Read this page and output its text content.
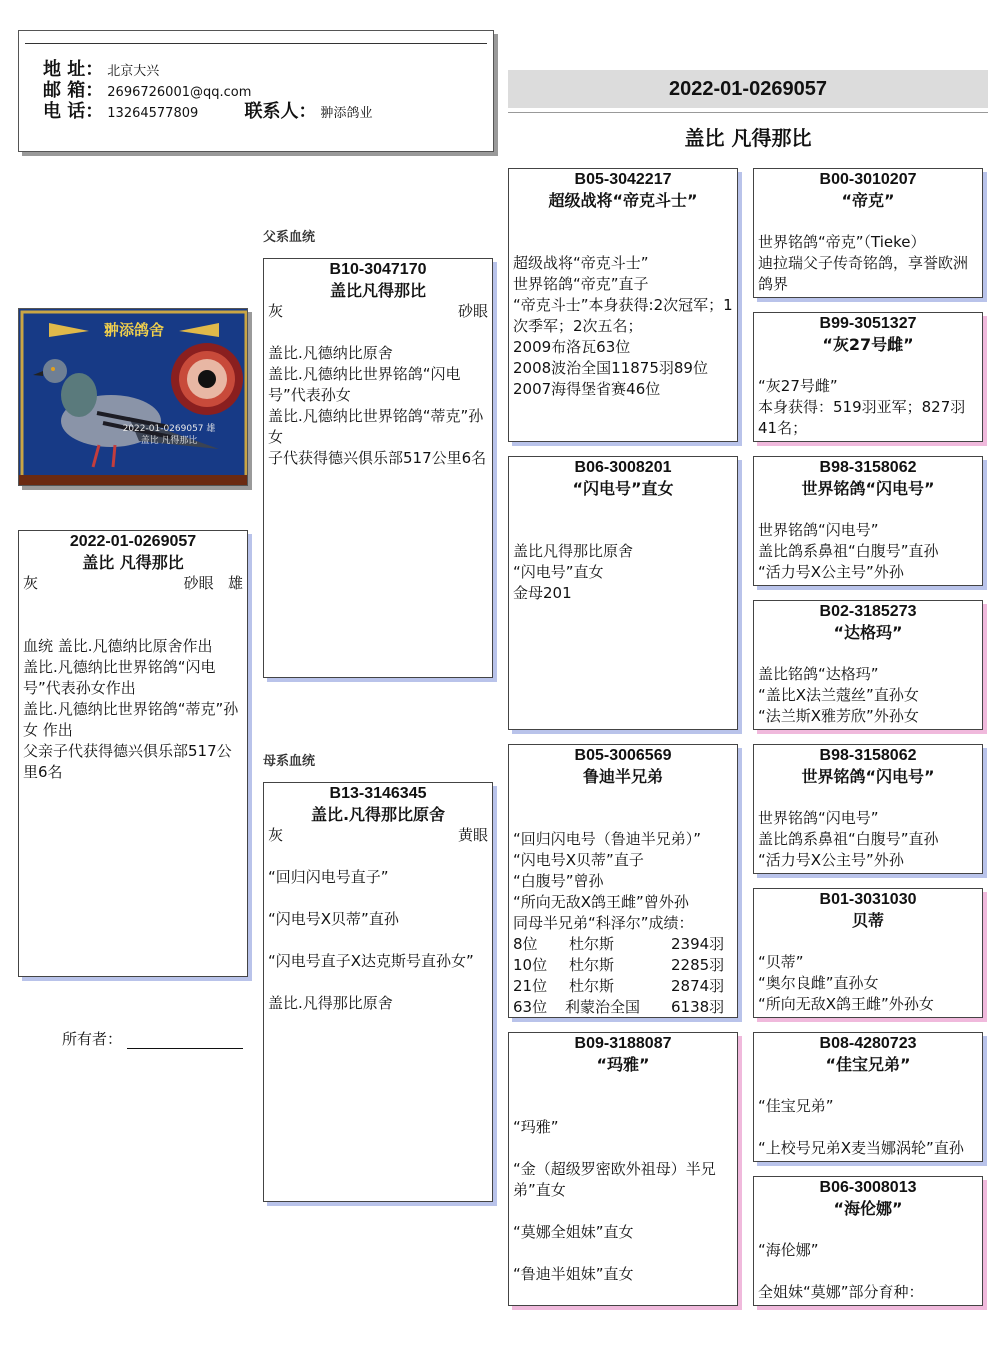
地 址： 北京大兴
邮 箱： 2696726001@qq.com
电 话： 13264577809	联系人： 翀添鸽业
2022-01-0269057
盖比 凡得那比
翀添鸽舍
2022-01-0269057 雄
盖比 凡得那比
父系血统
母系血统
2022-01-0269057
盖比 凡得那比
灰	砂眼 雄
血统 盖比.凡德纳比原舍作出
盖比.凡德纳比世界铭鸽“闪电号”代表孙女作出
盖比.凡德纳比世界铭鸽“蒂克”孙女 作出
父亲子代获得德兴俱乐部517公里6名
所有者：
B10-3047170
盖比凡得那比
灰	砂眼
盖比.凡德纳比原舍
盖比.凡德纳比世界铭鸽“闪电号”代表孙女
盖比.凡德纳比世界铭鸽“蒂克”孙女
子代获得德兴俱乐部517公里6名
B13-3146345
盖比.凡得那比原舍
灰	黄眼
“回归闪电号直子”
“闪电号X贝蒂”直孙
“闪电号直子X达克斯号直孙女”
盖比.凡得那比原舍
B05-3042217
超级战将“帝克斗士”
超级战将“帝克斗士”
世界铭鸽“帝克”直子
“帝克斗士”本身获得:2次冠军；1次季军；2次五名；
2009布洛瓦63位
2008波治全国11875羽89位
2007海得堡省赛46位
B06-3008201
“闪电号”直女
盖比凡得那比原舍
“闪电号”直女
金母201
B05-3006569
鲁迪半兄弟
“回归闪电号（鲁迪半兄弟）”
“闪电号X贝蒂”直子
“白腹号”曾孙
“所向无敌X鸽王雌”曾外孙
同母半兄弟“科泽尔”成绩：
8位	杜尔斯	2394羽
10位	杜尔斯	2285羽
21位	杜尔斯	2874羽
63位	利蒙治全国	6138羽
B09-3188087
“玛雅”
“玛雅”
“金（超级罗密欧外祖母）半兄弟”直女
“莫娜全姐妹”直女
“鲁迪半姐妹”直女
B00-3010207
“帝克”
世界铭鸽“帝克”（Tieke）
迪拉瑞父子传奇铭鸽，享誉欧洲鸽界
B99-3051327
“灰27号雌”
“灰27号雌”
本身获得：519羽亚军；827羽41名；
B98-3158062
世界铭鸽“闪电号”
世界铭鸽“闪电号”
盖比鸽系鼻祖“白腹号”直孙
“活力号X公主号”外孙
B02-3185273
“达格玛”
盖比铭鸽“达格玛”
“盖比X法兰蔻丝”直孙女
“法兰斯X雅芳欣”外孙女
B98-3158062
世界铭鸽“闪电号”
世界铭鸽“闪电号”
盖比鸽系鼻祖“白腹号”直孙
“活力号X公主号”外孙
B01-3031030
贝蒂
“贝蒂”
“奥尔良雌”直孙女
“所向无敌X鸽王雌”外孙女
B08-4280723
“佳宝兄弟”
“佳宝兄弟”
“上校号兄弟X麦当娜涡轮”直孙
B06-3008013
“海伦娜”
“海伦娜”
全姐妹“莫娜”部分育种：
